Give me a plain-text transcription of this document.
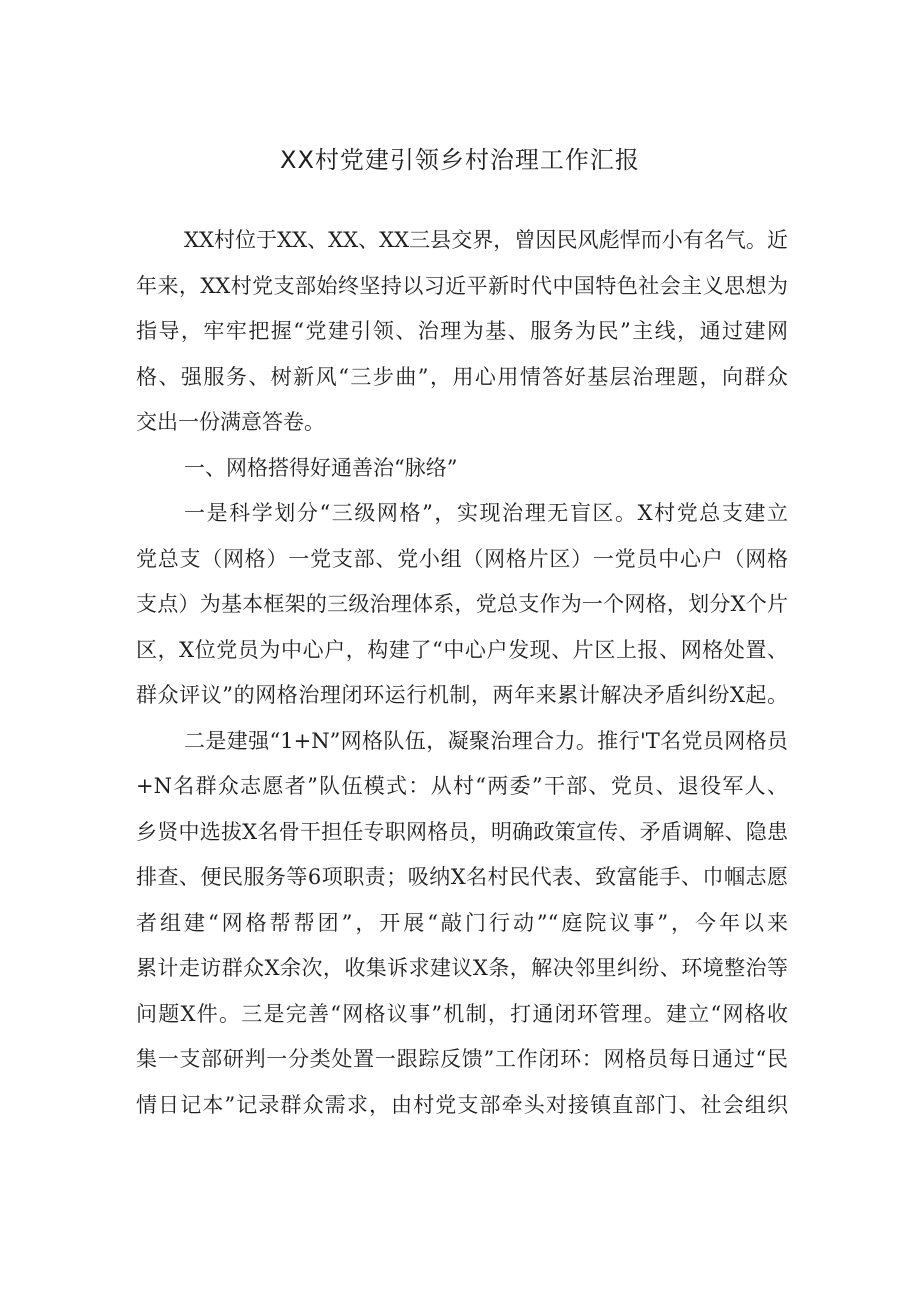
XX村党建引领乡村治理工作汇报
XX村位于XX、XX、XX三县交界，曾因民风彪悍而小有名气。近
年来，XX村党支部始终坚持以习近平新时代中国特色社会主义思想为
指导，牢牢把握“党建引领、治理为基、服务为民”主线，通过建网
格、强服务、树新风“三步曲”，用心用情答好基层治理题，向群众
交出一份满意答卷。
一、网格搭得好通善治“脉络”
一是科学划分“三级网格”，实现治理无盲区。X村党总支建立
党总支（网格）一党支部、党小组（网格片区）一党员中心户（网格
支点）为基本框架的三级治理体系，党总支作为一个网格，划分X个片
区，X位党员为中心户，构建了“中心户发现、片区上报、网格处置、
群众评议”的网格治理闭环运行机制，两年来累计解决矛盾纠纷X起。
二是建强“1+N”网格队伍，凝聚治理合力。推行'T名党员网格员
+N名群众志愿者”队伍模式：从村“两委”干部、党员、退役军人、
乡贤中选拔X名骨干担任专职网格员，明确政策宣传、矛盾调解、隐患
排查、便民服务等6项职责；吸纳X名村民代表、致富能手、巾帼志愿
者组建“网格帮帮团”，开展“敲门行动”“庭院议事”，今年以来
累计走访群众X余次，收集诉求建议X条，解决邻里纠纷、环境整治等
问题X件。三是完善“网格议事”机制，打通闭环管理。建立“网格收
集一支部研判一分类处置一跟踪反馈”工作闭环：网格员每日通过“民
情日记本”记录群众需求，由村党支部牵头对接镇直部门、社会组织
